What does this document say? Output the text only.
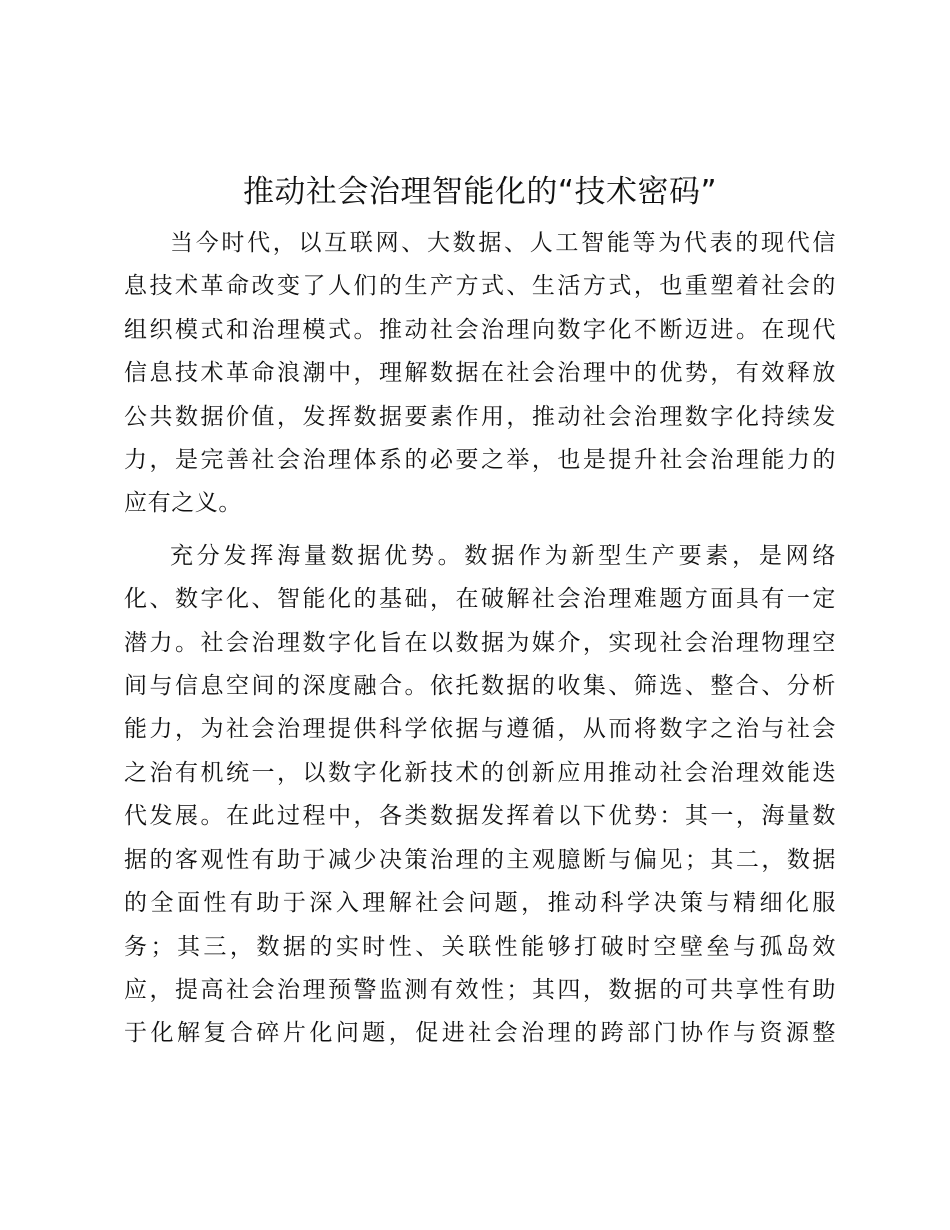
推动社会治理智能化的“技术密码”
当今时代，以互联网、大数据、人工智能等为代表的现代信
息技术革命改变了人们的生产方式、生活方式，也重塑着社会的
组织模式和治理模式。推动社会治理向数字化不断迈进。在现代
信息技术革命浪潮中，理解数据在社会治理中的优势，有效释放
公共数据价值，发挥数据要素作用，推动社会治理数字化持续发
力，是完善社会治理体系的必要之举，也是提升社会治理能力的
应有之义。
充分发挥海量数据优势。数据作为新型生产要素，是网络
化、数字化、智能化的基础，在破解社会治理难题方面具有一定
潜力。社会治理数字化旨在以数据为媒介，实现社会治理物理空
间与信息空间的深度融合。依托数据的收集、筛选、整合、分析
能力，为社会治理提供科学依据与遵循，从而将数字之治与社会
之治有机统一，以数字化新技术的创新应用推动社会治理效能迭
代发展。在此过程中，各类数据发挥着以下优势：其一，海量数
据的客观性有助于减少决策治理的主观臆断与偏见；其二，数据
的全面性有助于深入理解社会问题，推动科学决策与精细化服
务；其三，数据的实时性、关联性能够打破时空壁垒与孤岛效
应，提高社会治理预警监测有效性；其四，数据的可共享性有助
于化解复合碎片化问题，促进社会治理的跨部门协作与资源整
